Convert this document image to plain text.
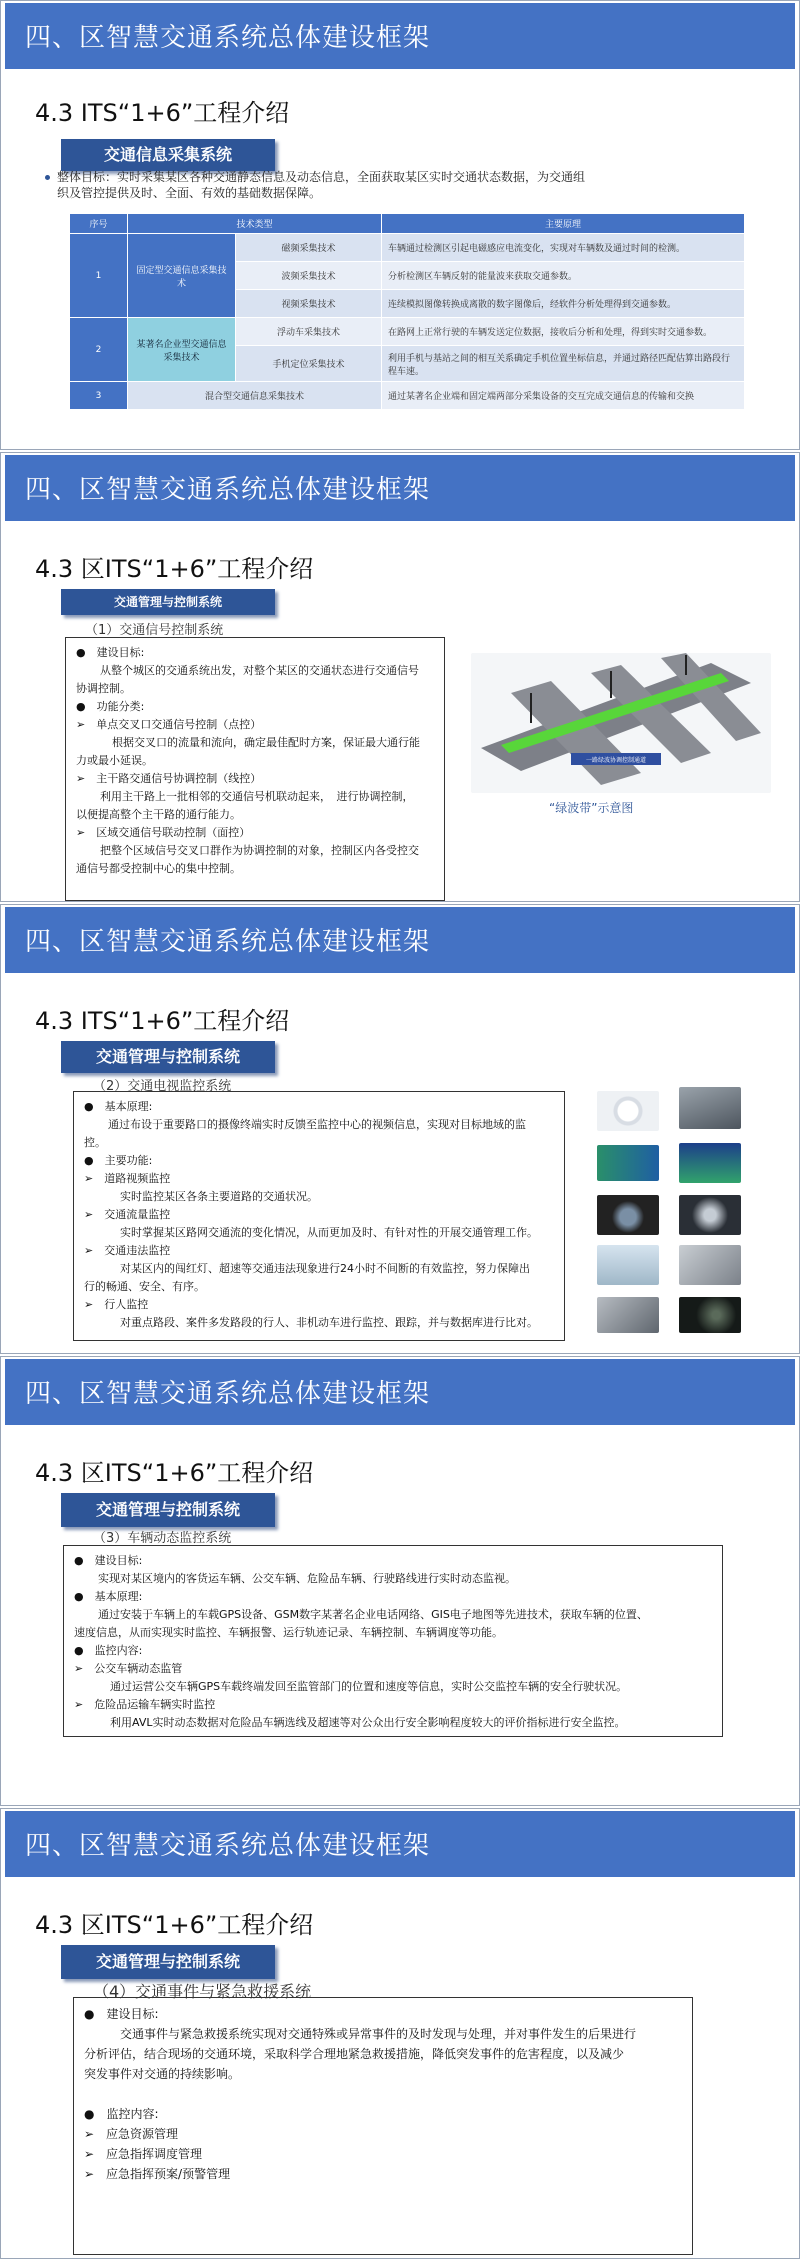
四、区智慧交通系统总体建设框架
4.3 ITS“1+6”工程介绍
交通信息采集系统
整体目标：实时采集某区各种交通静态信息及动态信息，全面获取某区实时交通状态数据，为交通组
织及管控提供及时、全面、有效的基础数据保障。
序号	技术类型		主要原理
1	固定型交通信息采集技术	磁频采集技术	车辆通过检测区引起电磁感应电流变化，实现对车辆数及通过时间的检测。
		波频采集技术	分析检测区车辆反射的能量波来获取交通参数。
		视频采集技术	连续模拟图像转换成离散的数字图像后，经软件分析处理得到交通参数。
2	某著名企业型交通信息采集技术	浮动车采集技术	在路网上正常行驶的车辆发送定位数据，接收后分析和处理，得到实时交通参数。
		手机定位采集技术	利用手机与基站之间的相互关系确定手机位置坐标信息，并通过路径匹配估算出路段行程车速。
3	混合型交通信息采集技术		通过某著名企业端和固定端两部分采集设备的交互完成交通信息的传输和交换
四、区智慧交通系统总体建设框架
4.3 区ITS“1+6”工程介绍
交通管理与控制系统
（1）交通信号控制系统
●　建设目标:
从整个城区的交通系统出发，对整个某区的交通状态进行交通信号
协调控制。
●　功能分类:
➢　单点交叉口交通信号控制（点控）
根据交叉口的流量和流向，确定最佳配时方案，保证最大通行能
力或最小延误。
➢　主干路交通信号协调控制（线控）
利用主干路上一批相邻的交通信号机联动起来，　进行协调控制，
以便提高整个主干路的通行能力。
➢　区域交通信号联动控制（面控）
把整个区域信号交叉口群作为协调控制的对象，控制区内各受控交
通信号都受控制中心的集中控制。
一路绿波协调控制通道
“绿波带”示意图
四、区智慧交通系统总体建设框架
4.3 ITS“1+6”工程介绍
交通管理与控制系统
（2）交通电视监控系统
●　基本原理:
通过布设于重要路口的摄像终端实时反馈至监控中心的视频信息，实现对目标地域的监
控。
●　主要功能:
➢　道路视频监控
实时监控某区各条主要道路的交通状况。
➢　交通流量监控
实时掌握某区路网交通流的变化情况，从而更加及时、有针对性的开展交通管理工作。
➢　交通违法监控
对某区内的闯红灯、超速等交通违法现象进行24小时不间断的有效监控，努力保障出
行的畅通、安全、有序。
➢　行人监控
对重点路段、案件多发路段的行人、非机动车进行监控、跟踪，并与数据库进行比对。
四、区智慧交通系统总体建设框架
4.3 区ITS“1+6”工程介绍
交通管理与控制系统
（3）车辆动态监控系统
●　建设目标:
实现对某区境内的客货运车辆、公交车辆、危险品车辆、行驶路线进行实时动态监视。
●　基本原理:
通过安装于车辆上的车载GPS设备、GSM数字某著名企业电话网络、GIS电子地图等先进技术，获取车辆的位置、
速度信息，从而实现实时监控、车辆报警、运行轨迹记录、车辆控制、车辆调度等功能。
●　监控内容:
➢　公交车辆动态监管
通过运营公交车辆GPS车载终端发回至监管部门的位置和速度等信息，实时公交监控车辆的安全行驶状况。
➢　危险品运输车辆实时监控
利用AVL实时动态数据对危险品车辆选线及超速等对公众出行安全影响程度较大的评价指标进行安全监控。
四、区智慧交通系统总体建设框架
4.3 区ITS“1+6”工程介绍
交通管理与控制系统
（4）交通事件与紧急救援系统
●　建设目标:
交通事件与紧急救援系统实现对交通特殊或异常事件的及时发现与处理，并对事件发生的后果进行
分析评估，结合现场的交通环境，采取科学合理地紧急救援措施，降低突发事件的危害程度，以及减少
突发事件对交通的持续影响。
●　监控内容:
➢　应急资源管理
➢　应急指挥调度管理
➢　应急指挥预案/预警管理
